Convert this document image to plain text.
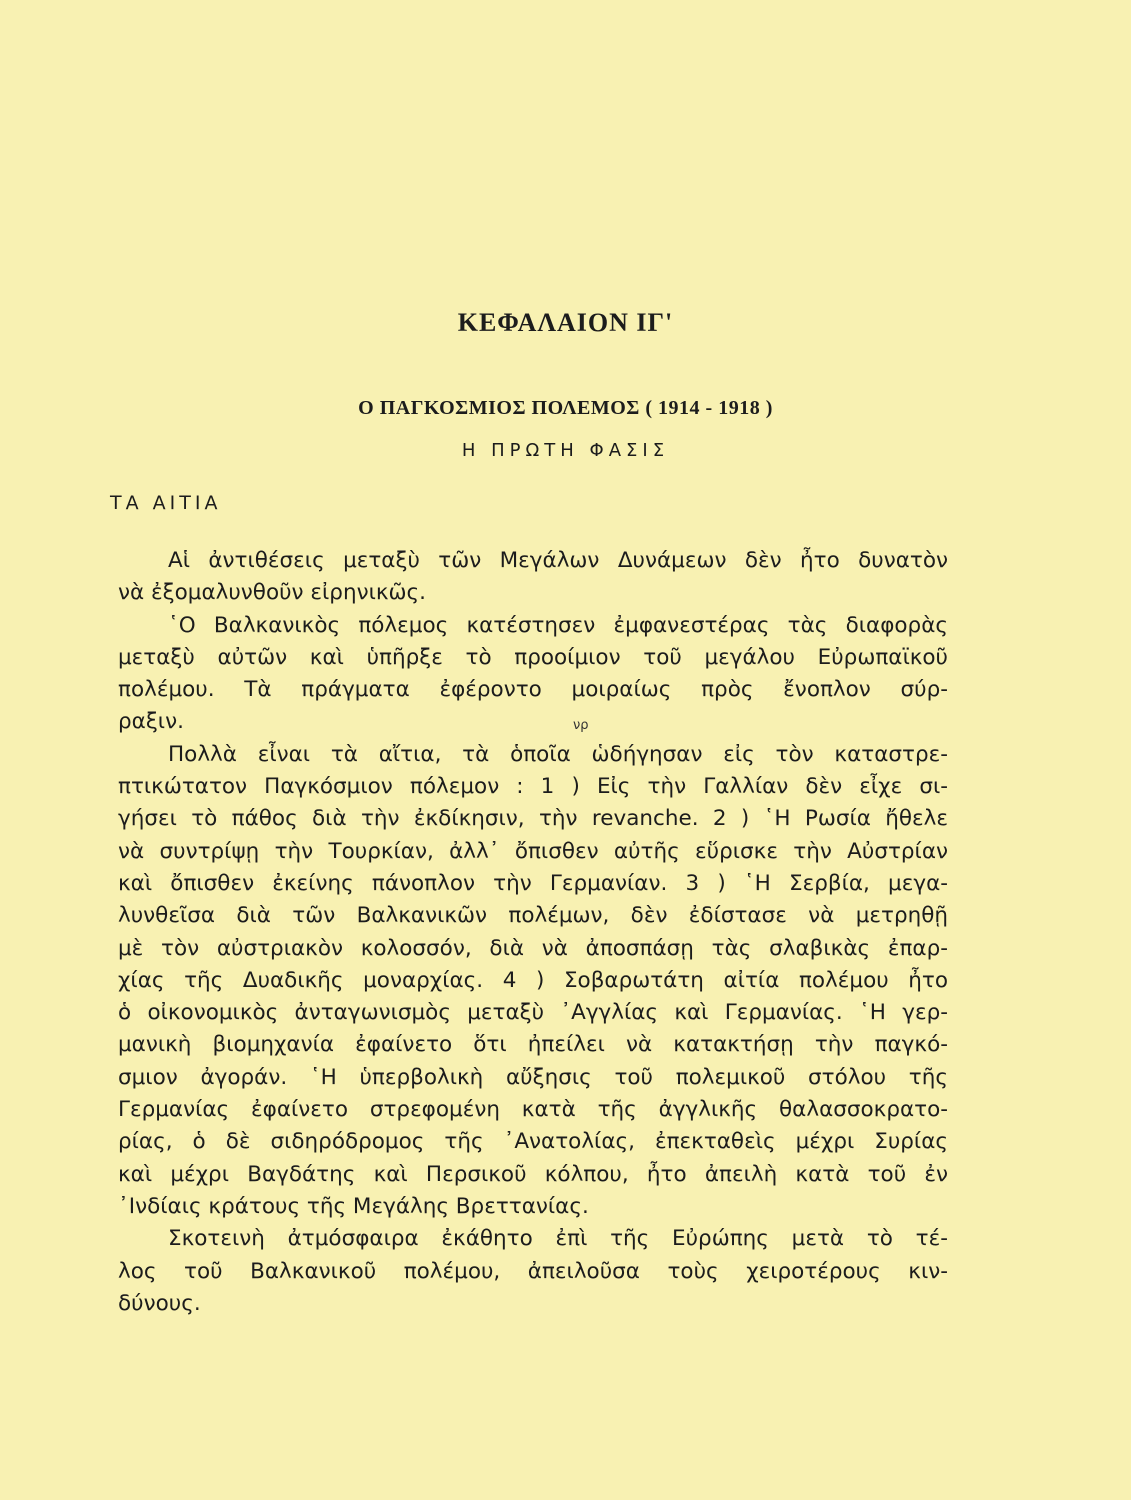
ΚΕΦΑΛΑΙΟΝ ΙΓ'
Ο ΠΑΓΚΟΣΜΙΟΣ ΠΟΛΕΜΟΣ ( 1914 - 1918 )
Η ΠΡΩΤΗ ΦΑΣΙΣ
ΤΑ ΑΙΤΙΑ
νρ
Αἱ ἀντιθέσεις μεταξὺ τῶν Μεγάλων Δυνάμεων δὲν ἦτο δυνατὸν
νὰ ἐξομαλυνθοῦν εἰρηνικῶς.
῾Ο Βαλκανικὸς πόλεμος κατέστησεν ἐμφανεστέρας τὰς διαφορὰς
μεταξὺ αὐτῶν καὶ ὑπῆρξε τὸ προοίμιον τοῦ μεγάλου Εὐρωπαϊκοῦ
πολέμου. Τὰ πράγματα ἐφέροντο μοιραίως πρὸς ἔνοπλον σύρ-
ραξιν.
Πολλὰ εἶναι τὰ αἴτια, τὰ ὁποῖα ὡδήγησαν εἰς τὸν καταστρε-
πτικώτατον Παγκόσμιον πόλεμον : 1 ) Εἰς τὴν Γαλλίαν δὲν εἶχε σι-
γήσει τὸ πάθος διὰ τὴν ἐκδίκησιν, τὴν revanche. 2 ) ῾Η Ρωσία ἤθελε
νὰ συντρίψῃ τὴν Τουρκίαν, ἀλλ᾽ ὄπισθεν αὐτῆς εὕρισκε τὴν Αὐστρίαν
καὶ ὄπισθεν ἐκείνης πάνοπλον τὴν Γερμανίαν. 3 ) ῾Η Σερβία, μεγα-
λυνθεῖσα διὰ τῶν Βαλκανικῶν πολέμων, δὲν ἐδίστασε νὰ μετρηθῇ
μὲ τὸν αὐστριακὸν κολοσσόν, διὰ νὰ ἀποσπάσῃ τὰς σλαβικὰς ἐπαρ-
χίας τῆς Δυαδικῆς μοναρχίας. 4 ) Σοβαρωτάτη αἰτία πολέμου ἦτο
ὁ οἰκονομικὸς ἀνταγωνισμὸς μεταξὺ ᾿Αγγλίας καὶ Γερμανίας. ῾Η γερ-
μανικὴ βιομηχανία ἐφαίνετο ὅτι ἠπείλει νὰ κατακτήσῃ τὴν παγκό-
σμιον ἀγοράν. ῾Η ὑπερβολικὴ αὔξησις τοῦ πολεμικοῦ στόλου τῆς
Γερμανίας ἐφαίνετο στρεφομένη κατὰ τῆς ἀγγλικῆς θαλασσοκρατο-
ρίας, ὁ δὲ σιδηρόδρομος τῆς ᾿Ανατολίας, ἐπεκταθεὶς μέχρι Συρίας
καὶ μέχρι Βαγδάτης καὶ Περσικοῦ κόλπου, ἦτο ἀπειλὴ κατὰ τοῦ ἐν
᾿Ινδίαις κράτους τῆς Μεγάλης Βρεττανίας.
Σκοτεινὴ ἀτμόσφαιρα ἐκάθητο ἐπὶ τῆς Εὐρώπης μετὰ τὸ τέ-
λος τοῦ Βαλκανικοῦ πολέμου, ἀπειλοῦσα τοὺς χειροτέρους κιν-
δύνους.
